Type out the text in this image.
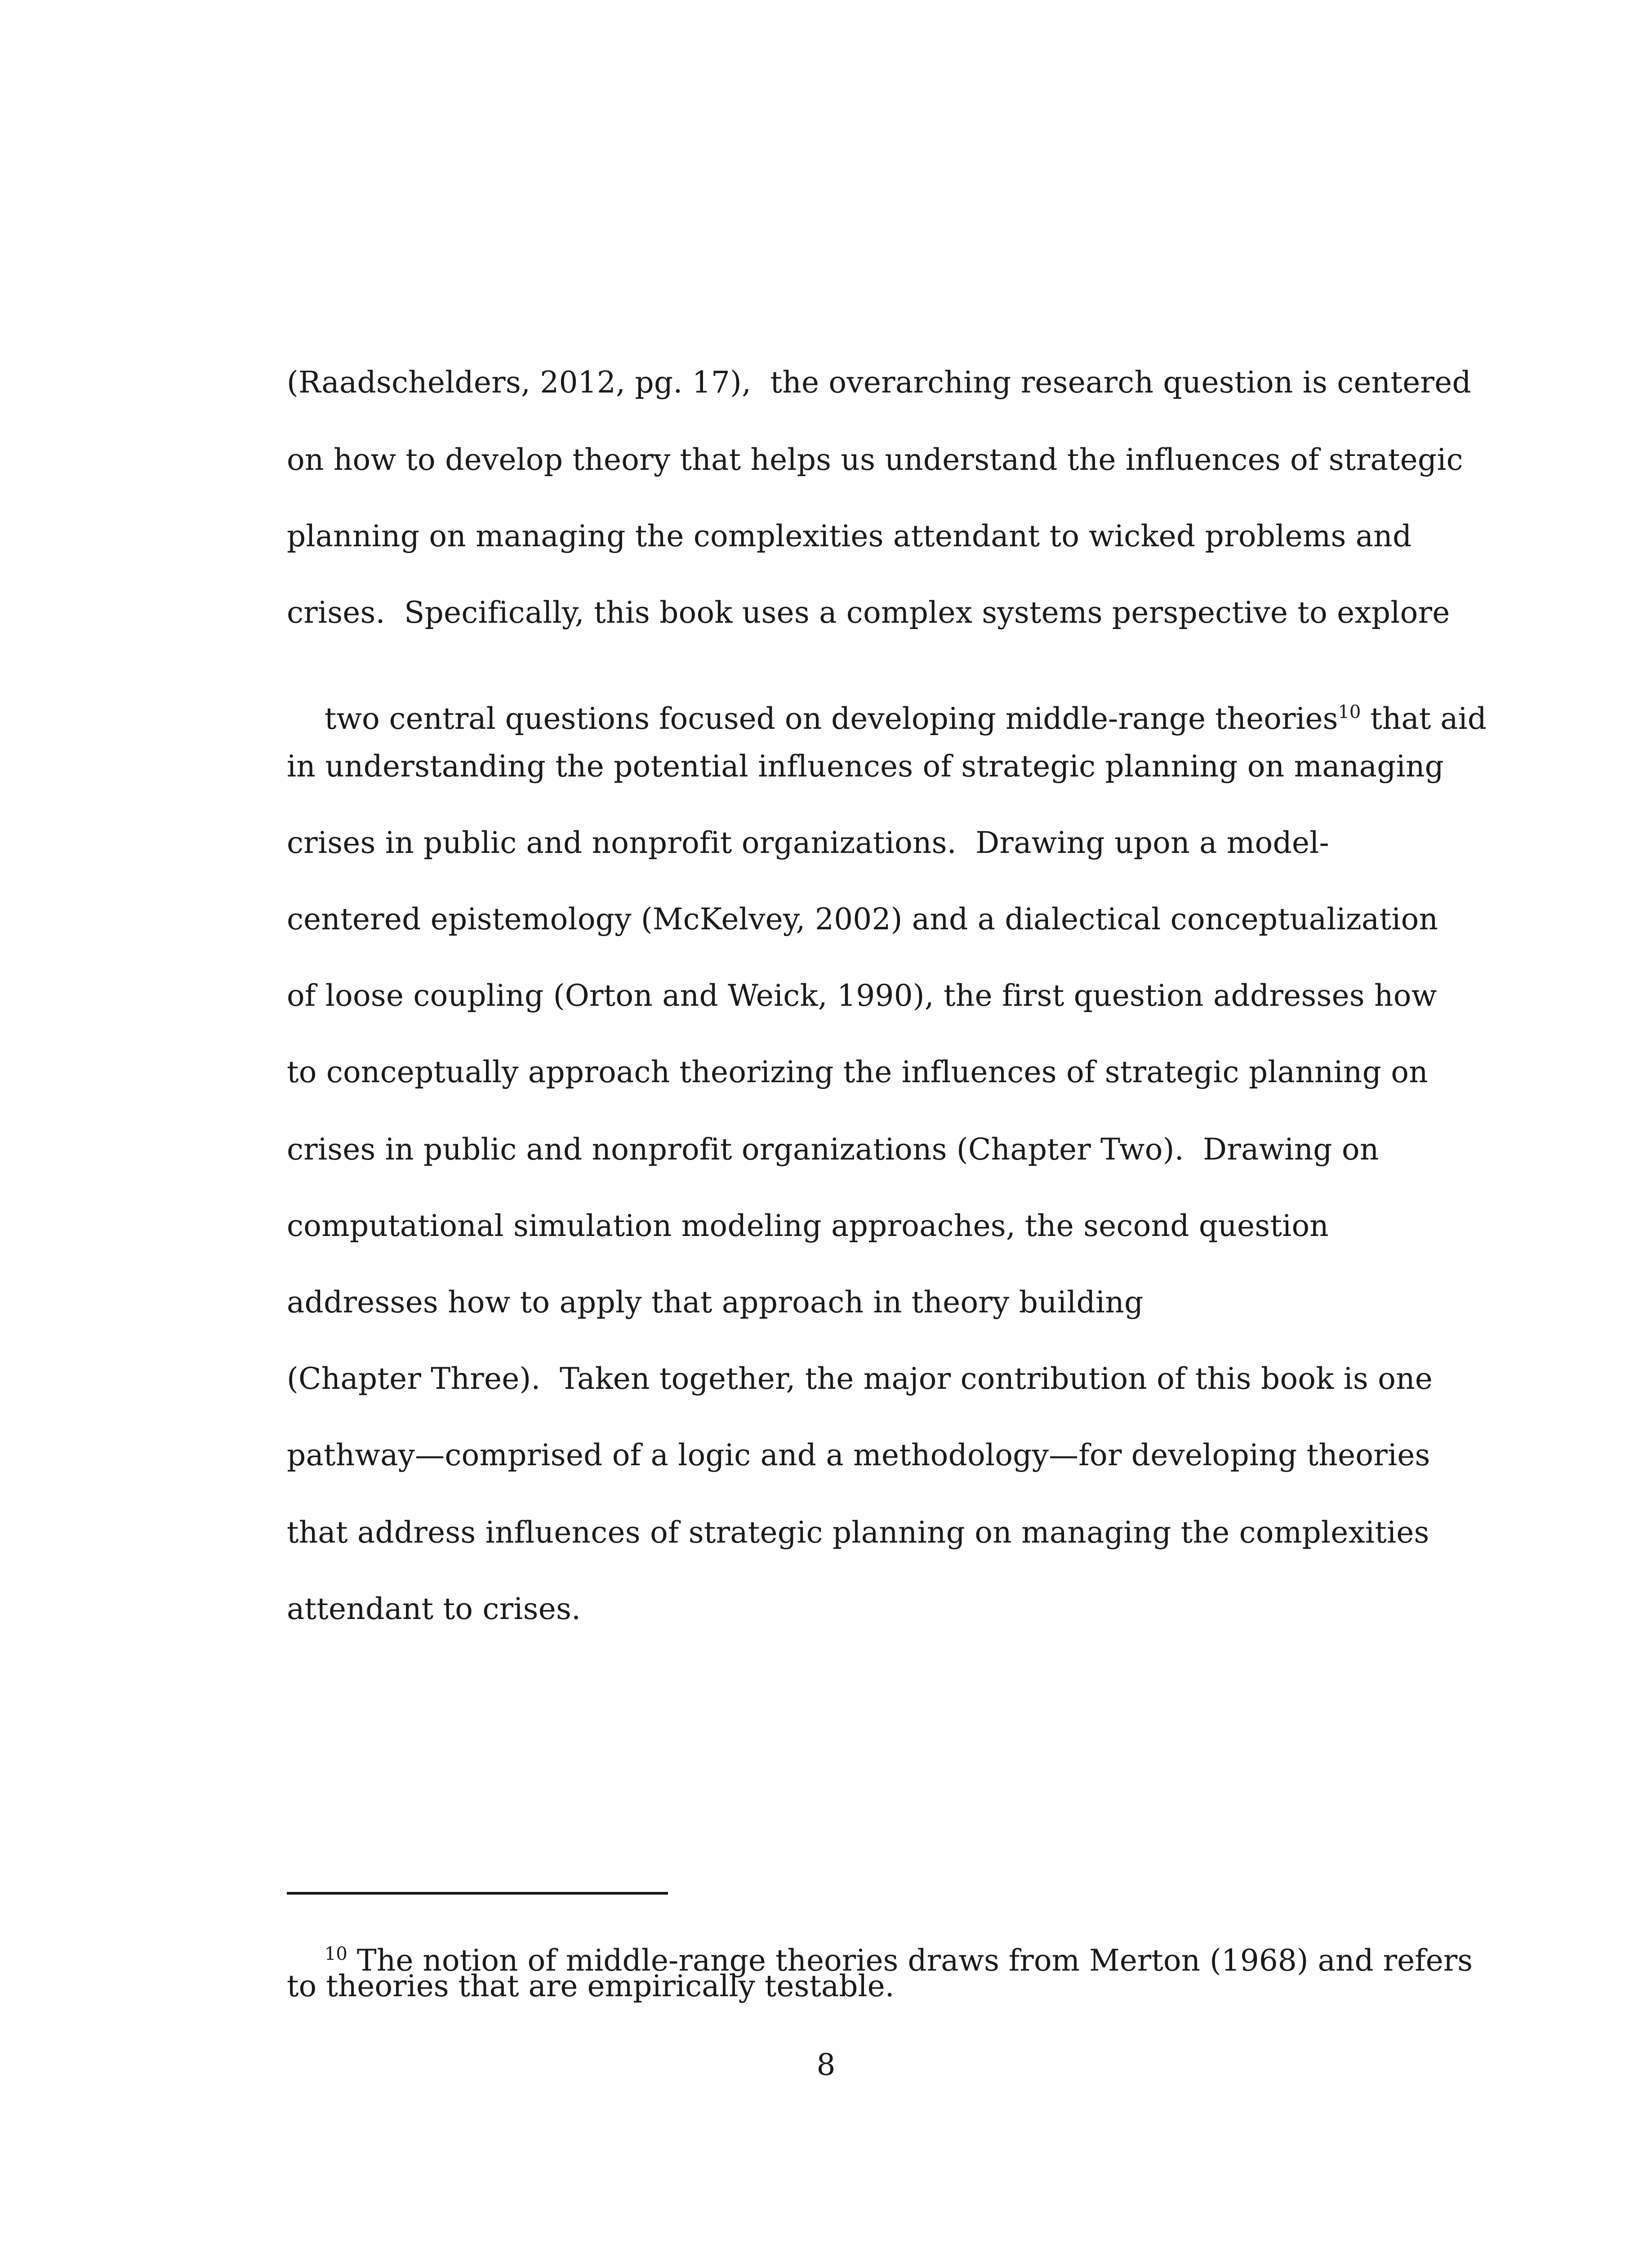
(Raadschelders, 2012, pg. 17),  the overarching research question is centered
on how to develop theory that helps us understand the influences of strategic
planning on managing the complexities attendant to wicked problems and
crises.  Specifically, this book uses a complex systems perspective to explore

two central questions focused on developing middle-range theories$^{10}$ that aid

in understanding the potential influences of strategic planning on managing
crises in public and nonprofit organizations.  Drawing upon a model-
centered epistemology (McKelvey, 2002) and a dialectical conceptualization
of loose coupling (Orton and Weick, 1990), the first question addresses how
to conceptually approach theorizing the influences of strategic planning on
crises in public and nonprofit organizations (Chapter Two).  Drawing on
computational simulation modeling approaches, the second question
addresses how to apply that approach in theory building
(Chapter Three).  Taken together, the major contribution of this book is one
pathway—comprised of a logic and a methodology—for developing theories
that address influences of strategic planning on managing the complexities
attendant to crises.

$^{10}$ The notion of middle-range theories draws from Merton (1968) and refers

to theories that are empirically testable.
8
